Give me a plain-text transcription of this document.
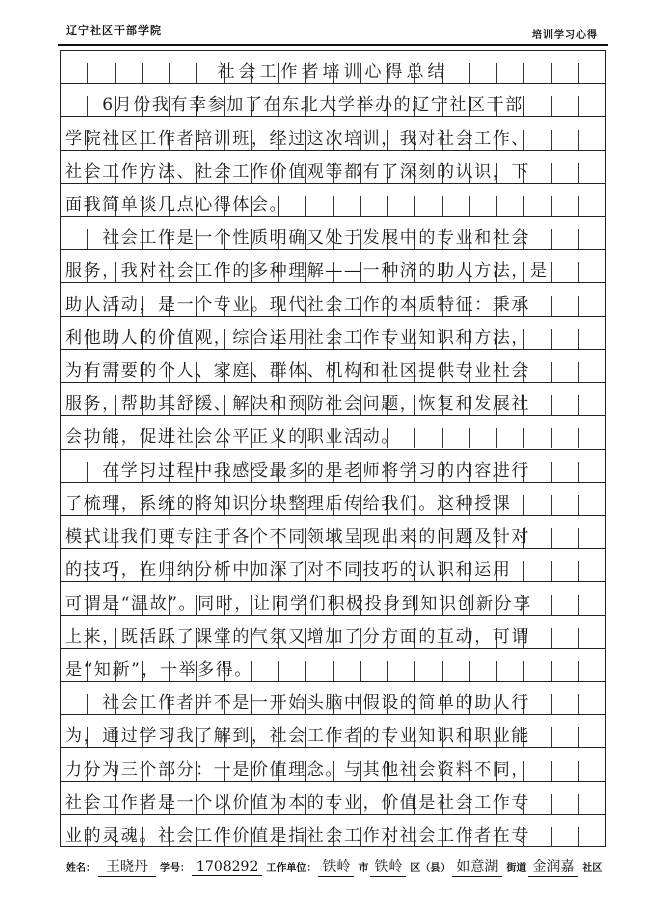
辽宁社区干部学院	培训学习心得
社会工作者培训心得总结
　　6月份我有幸参加了在东北大学举办的辽宁社区干部
学院社区工作者培训班，经过这次培训，我对社会工作、
社会工作方法、社会工作价值观等都有了深刻的认识，下
面我简单谈几点心得体会。
　　社会工作是一个性质明确又处于发展中的专业和社会
服务，我对社会工作的多种理解——一种济的助人方法，是
助人活动，是一个专业。现代社会工作的本质特征：秉承
利他助人的价值观，综合运用社会工作专业知识和方法，
为有需要的个人、家庭、群体、机构和社区提供专业社会
服务，帮助其舒缓、解决和预防社会问题，恢复和发展社
会功能，促进社会公平正义的职业活动。
　　在学习过程中我感受最多的是老师将学习的内容进行
了梳理，系统的将知识分块整理后传给我们。这种授课
模式让我们更专注于各个不同领域呈现出来的问题及针对
的技巧，在归纳分析中加深了对不同技巧的认识和运用
可谓是“温故”。同时，让同学们积极投身到知识创新分享
上来，既活跃了课堂的气氛又增加了分方面的互动，可谓
是“知新”，一举多得。
　　社会工作者并不是一开始头脑中假设的简单的助人行
为，通过学习我了解到，社会工作者的专业知识和职业能
力分为三个部分：一是价值理念。与其他社会资料不同，
社会工作者是一个以价值为本的专业，价值是社会工作专
业的灵魂。社会工作价值是指社会工作对社会工作者在专
姓名： 王晓丹	学号： 1708292 工作单位： 铁岭 市 铁岭 区（县） 如意湖 街道 金润嘉 社区
